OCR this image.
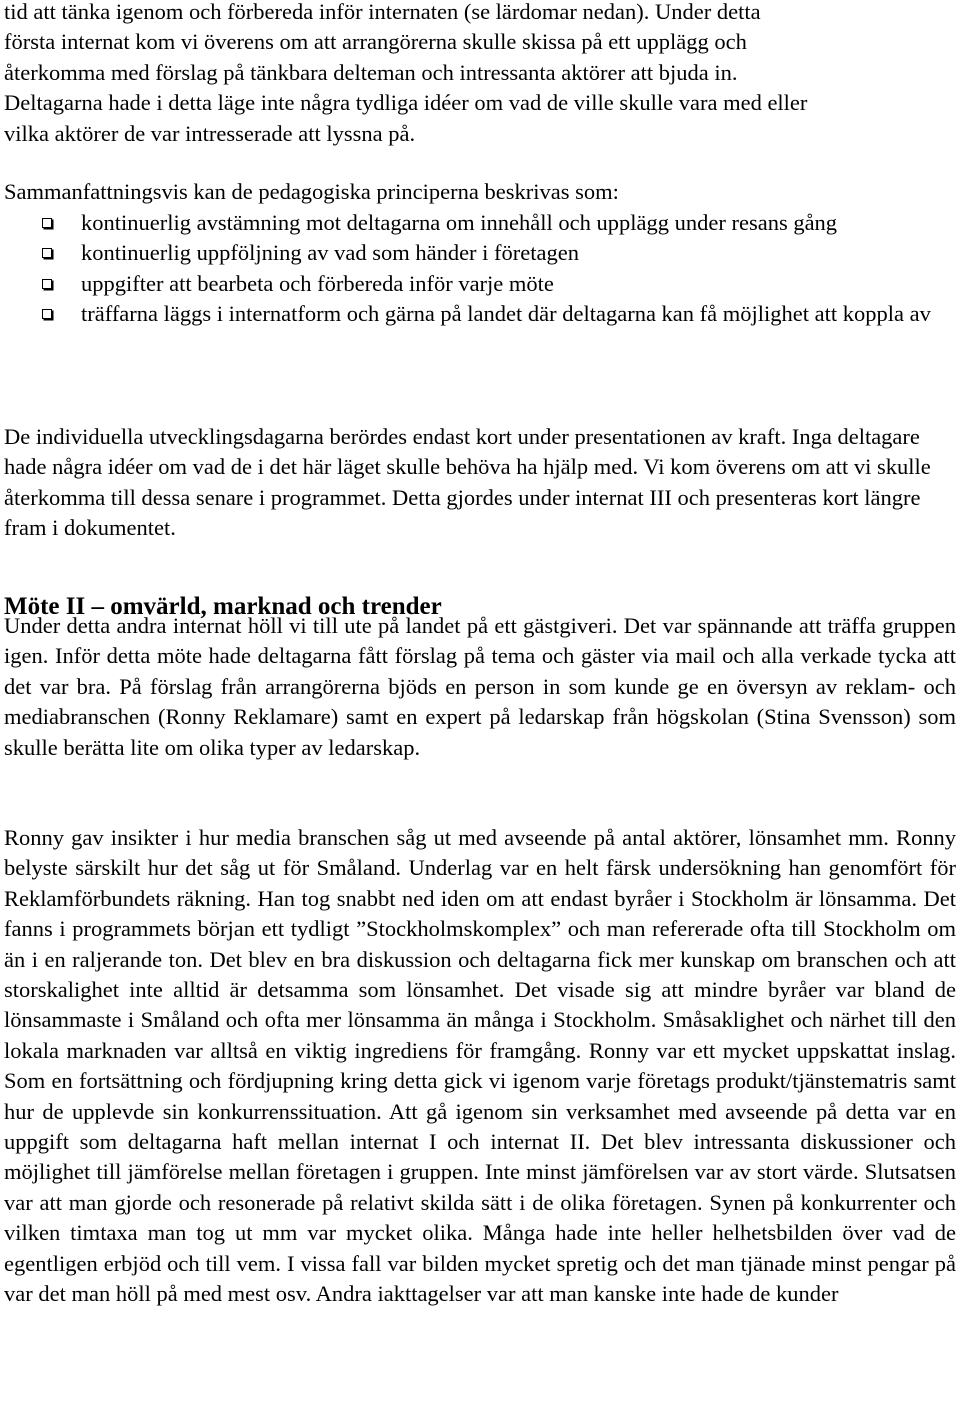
tid att tänka igenom och förbereda inför internaten (se lärdomar nedan). Under detta

första internat kom vi överens om att arrangörerna skulle skissa på ett upplägg och

återkomma med förslag på tänkbara delteman och intressanta aktörer att bjuda in.

Deltagarna hade i detta läge inte några tydliga idéer om vad de ville skulle vara med eller

vilka aktörer de var intresserade att lyssna på.

Sammanfattningsvis kan de pedagogiska principerna beskrivas som:

kontinuerlig avstämning mot deltagarna om innehåll och upplägg under resans gång
kontinuerlig uppföljning av vad som händer i företagen
uppgifter att bearbeta och förbereda inför varje möte
träffarna läggs i internatform och gärna på landet där deltagarna kan få möjlighet att koppla av

De individuella utvecklingsdagarna berördes endast kort under presentationen av kraft. Inga deltagare hade några idéer om vad de i det här läget skulle behöva ha hjälp med. Vi kom överens om att vi skulle återkomma till dessa senare i programmet. Detta gjordes under internat III och presenteras kort längre fram i dokumentet.

Möte II – omvärld, marknad och trender

Under detta andra internat höll vi till ute på landet på ett gästgiveri. Det var spännande att träffa gruppen igen. Inför detta möte hade deltagarna fått förslag på tema och gäster via mail och alla verkade tycka att det var bra. På förslag från arrangörerna bjöds en person in som kunde ge en översyn av reklam- och mediabranschen (Ronny Reklamare) samt en expert på ledarskap från högskolan (Stina Svensson) som skulle berätta lite om olika typer av ledarskap.

Ronny gav insikter i hur media branschen såg ut med avseende på antal aktörer, lönsamhet mm. Ronny belyste särskilt hur det såg ut för Småland. Underlag var en helt färsk undersökning han genomfört för Reklamförbundets räkning. Han tog snabbt ned iden om att endast byråer i Stockholm är lönsamma. Det fanns i programmets början ett tydligt ”Stockholmskomplex” och man refererade ofta till Stockholm om än i en raljerande ton. Det blev en bra diskussion och deltagarna fick mer kunskap om branschen och att storskalighet inte alltid är detsamma som lönsamhet. Det visade sig att mindre byråer var bland de lönsammaste i Småland och ofta mer lönsamma än många i Stockholm. Småsaklighet och närhet till den lokala marknaden var alltså en viktig ingrediens för framgång. Ronny var ett mycket uppskattat inslag. Som en fortsättning och fördjupning kring detta gick vi igenom varje företags produkt/tjänstematris samt hur de upplevde sin konkurrenssituation. Att gå igenom sin verksamhet med avseende på detta var en uppgift som deltagarna haft mellan internat I och internat II. Det blev intressanta diskussioner och möjlighet till jämförelse mellan företagen i gruppen. Inte minst jämförelsen var av stort värde. Slutsatsen var att man gjorde och resonerade på relativt skilda sätt i de olika företagen. Synen på konkurrenter och vilken timtaxa man tog ut mm var mycket olika. Många hade inte heller helhetsbilden över vad de egentligen erbjöd och till vem. I vissa fall var bilden mycket spretig och det man tjänade minst pengar på var det man höll på med mest osv. Andra iakttagelser var att man kanske inte hade de kunder
